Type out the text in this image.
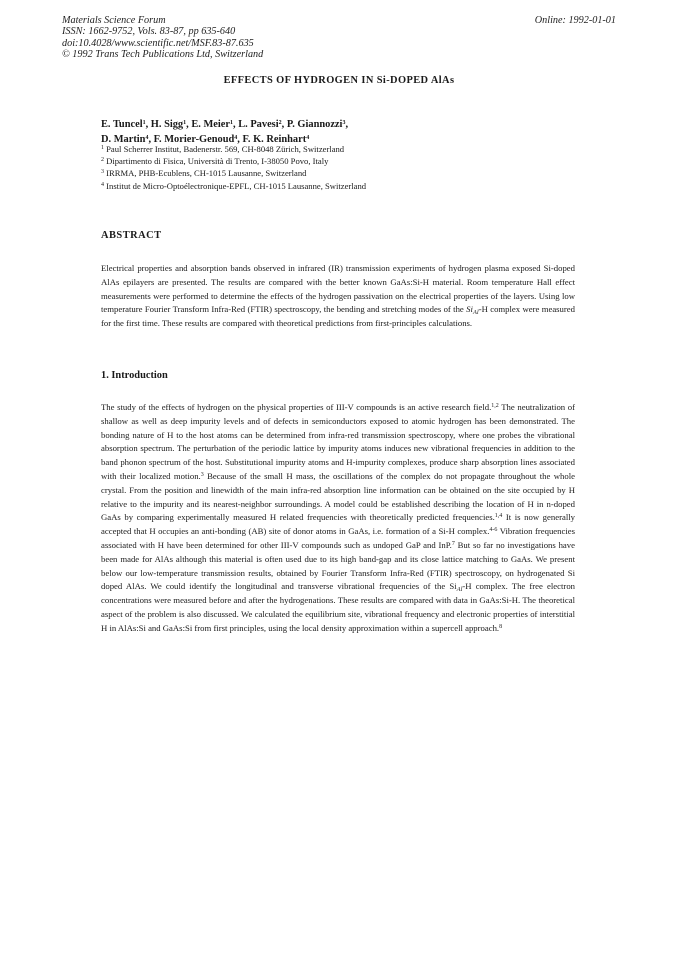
Materials Science Forum
ISSN: 1662-9752, Vols. 83-87, pp 635-640
doi:10.4028/www.scientific.net/MSF.83-87.635
© 1992 Trans Tech Publications Ltd, Switzerland
Online: 1992-01-01
EFFECTS OF HYDROGEN IN Si-DOPED AlAs
E. Tuncel$^1$, H. Sigg$^1$, E. Meier$^1$, L. Pavesi$^2$, P. Giannozzi$^3$,
D. Martin$^4$, F. Morier-Genoud$^4$, F. K. Reinhart$^4$
$^1$ Paul Scherrer Institut, Badenerstr. 569, CH-8048 Zürich, Switzerland
$^2$ Dipartimento di Fisica, Università di Trento, I-38050 Povo, Italy
$^3$ IRRMA, PHB-Ecublens, CH-1015 Lausanne, Switzerland
$^4$ Institut de Micro-Optoélectronique-EPFL, CH-1015 Lausanne, Switzerland
ABSTRACT
Electrical properties and absorption bands observed in infrared (IR) transmission experiments of hydrogen plasma exposed Si-doped AlAs epilayers are presented. The results are compared with the better known GaAs:Si-H material. Room temperature Hall effect measurements were performed to determine the effects of the hydrogen passivation on the electrical properties of the layers. Using low temperature Fourier Transform Infra-Red (FTIR) spectroscopy, the bending and stretching modes of the $Si_{Al}-H$ complex were measured for the first time. These results are compared with theoretical predictions from first-principles calculations.
1. Introduction
The study of the effects of hydrogen on the physical properties of III-V compounds is an active research field.$^{1,2}$ The neutralization of shallow as well as deep impurity levels and of defects in semiconductors exposed to atomic hydrogen has been demonstrated. The bonding nature of H to the host atoms can be determined from infra-red transmission spectroscopy, where one probes the vibrational absorption spectrum. The perturbation of the periodic lattice by impurity atoms induces new vibrational frequencies in addition to the band phonon spectrum of the host. Substitutional impurity atoms and H-impurity complexes, produce sharp absorption lines associated with their localized motion.$^3$ Because of the small H mass, the oscillations of the complex do not propagate throughout the whole crystal. From the position and linewidth of the main infra-red absorption line information can be obtained on the site occupied by H relative to the impurity and its nearest-neighbor surroundings. A model could be established describing the location of H in n-doped GaAs by comparing experimentally measured H related frequencies with theoretically predicted frequencies.$^{1,4}$ It is now generally accepted that H occupies an anti-bonding (AB) site of donor atoms in GaAs, i.e. formation of a Si-H complex.$^{4-6}$ Vibration frequencies associated with H have been determined for other III-V compounds such as undoped GaP and InP.$^7$ But so far no investigations have been made for AlAs although this material is often used due to its high band-gap and its close lattice matching to GaAs. We present below our low-temperature transmission results, obtained by Fourier Transform Infra-Red (FTIR) spectroscopy, on hydrogenated Si doped AlAs. We could identify the longitudinal and transverse vibrational frequencies of the $Si_{Al}-H$ complex. The free electron concentrations were measured before and after the hydrogenations. These results are compared with data in GaAs:Si-H. The theoretical aspect of the problem is also discussed. We calculated the equilibrium site, vibrational frequency and electronic properties of interstitial H in AlAs:Si and GaAs:Si from first principles, using the local density approximation within a supercell approach.$^8$
